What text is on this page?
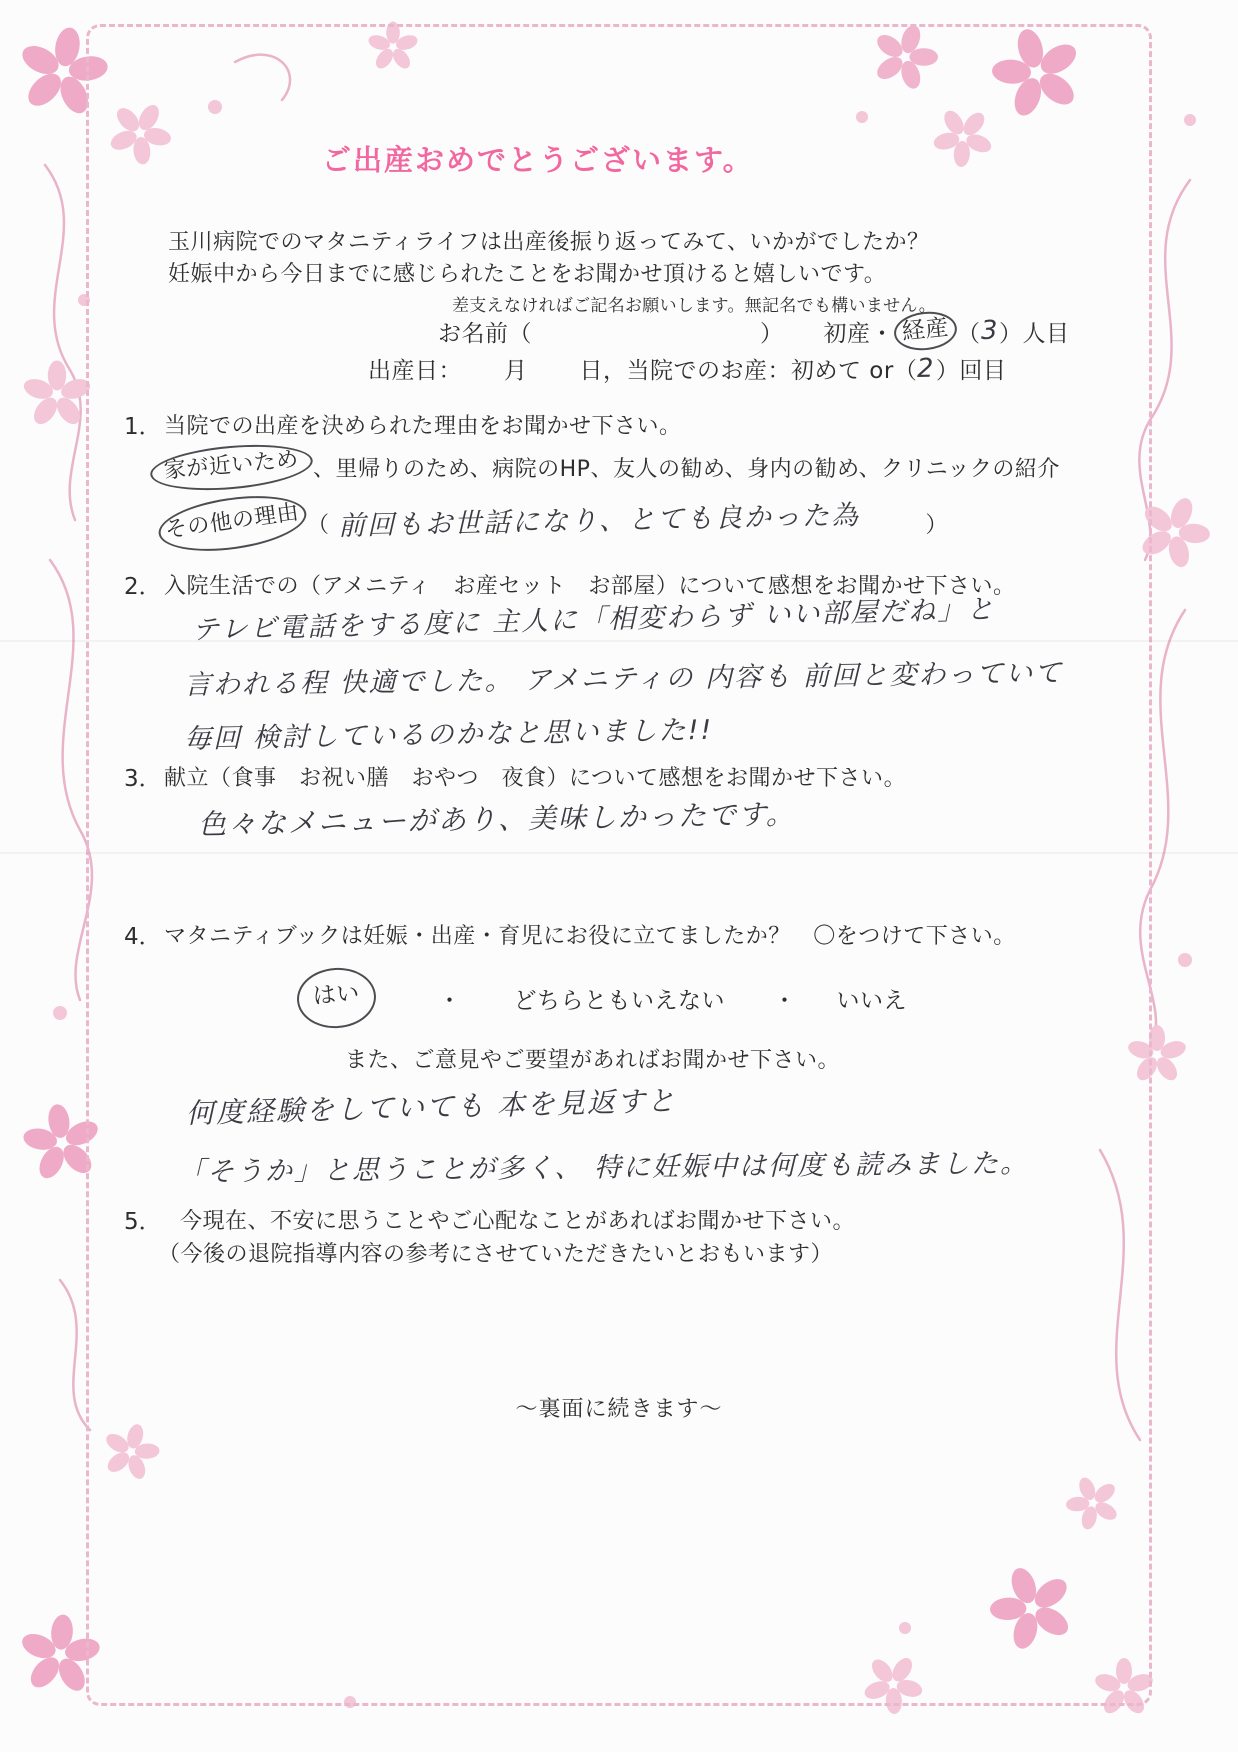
ご出産おめでとうございます。
玉川病院でのマタニティライフは出産後振り返ってみて、いかがでしたか？
妊娠中から今日までに感じられたことをお聞かせ頂けると嬉しいです。
差支えなければご記名お願いします。無記名でも構いません。
お名前（	） 初産 ・ 経産 （ 3 ）人目
出産日： 月 日， 当院でのお産：初めて or （ 2 ）回目
1． 当院での出産を決められた理由をお聞かせ下さい。
家が近いため 、里帰りのため、病院のHP、友人の勧め、身内の勧め、クリニックの紹介
その他の理由 （ 前回もお世話になり、とても良かった為	）
2． 入院生活での（アメニティ　お産セット　お部屋）について感想をお聞かせ下さい。
テレビ電話をする度に 主人に「相変わらず いい部屋だね」と
言われる程 快適でした。 アメニティの 内容も 前回と変わっていて
毎回 検討しているのかなと思いました!!
3． 献立（食事　お祝い膳　おやつ　夜食）について感想をお聞かせ下さい。
色々なメニューがあり、美味しかったです。
4． マタニティブックは妊娠・出産・育児にお役に立てましたか？　〇をつけて下さい。
はい	・ どちらともいえない ・ いいえ
また、ご意見やご要望があればお聞かせ下さい。
何度経験をしていても 本を見返すと
「そうか」と思うことが多く、 特に妊娠中は何度も読みました。
5． 今現在、不安に思うことやご心配なことがあればお聞かせ下さい。
（今後の退院指導内容の参考にさせていただきたいとおもいます）
～裏面に続きます～
